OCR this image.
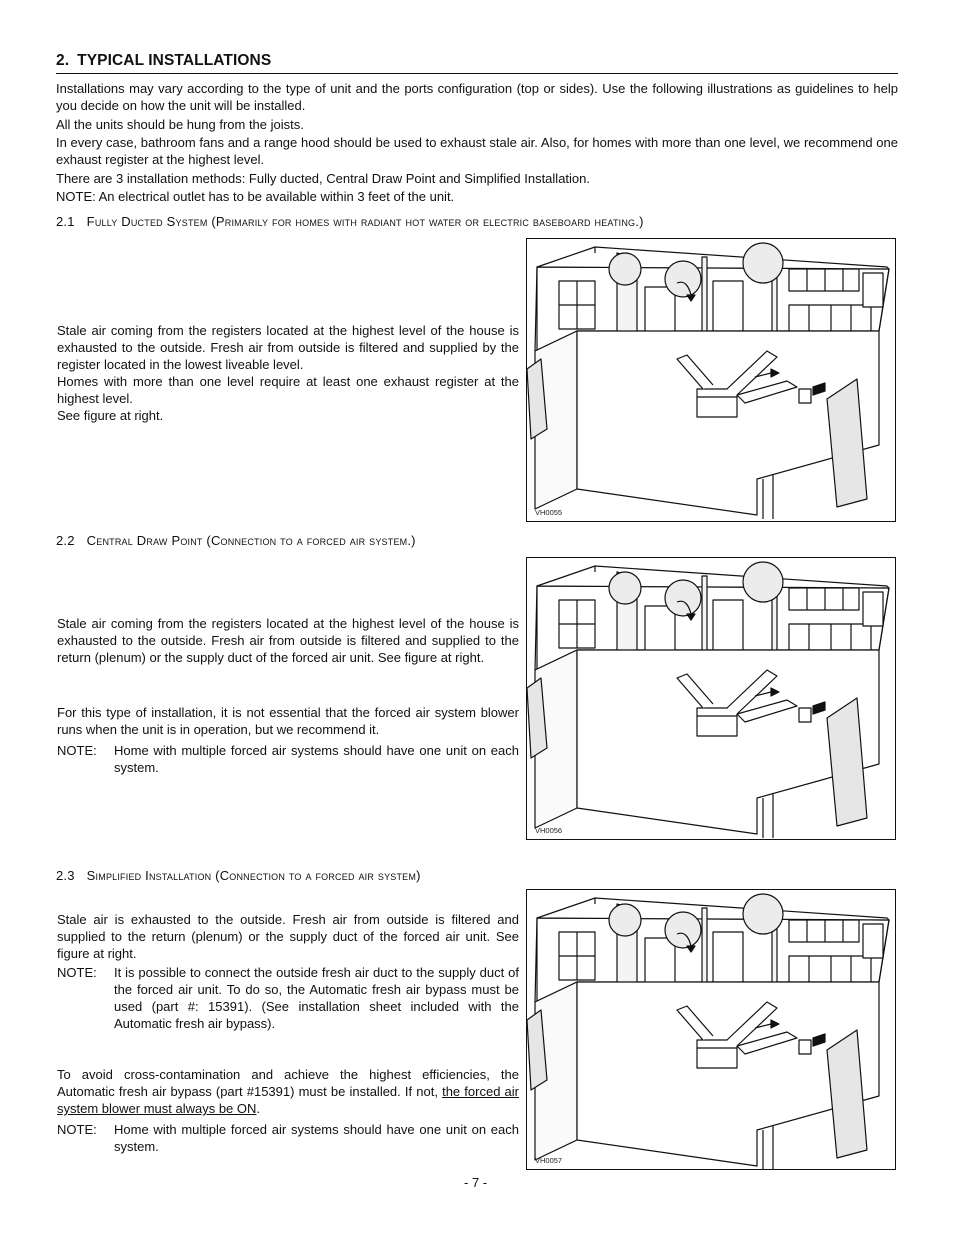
2. TYPICAL INSTALLATIONS

Installations may vary according to the type of unit and the ports configuration (top or sides). Use the following illustrations as guidelines to help you decide on how the unit will be installed.

All the units should be hung from the joists.

In every case, bathroom fans and a range hood should be used to exhaust stale air. Also, for homes with more than one level, we recommend one exhaust register at the highest level.

There are 3 installation methods: Fully ducted, Central Draw Point and Simplified Installation.

NOTE: An electrical outlet has to be available within 3 feet of the unit.

2.1 Fully Ducted System (Primarily for homes with radiant hot water or electric baseboard heating.)

Stale air coming from the registers located at the highest level of the house is exhausted to the outside. Fresh air from outside is filtered and supplied by the register located in the lowest liveable level.

Homes with more than one level require at least one exhaust register at the highest level.

See figure at right.

VH0055
2.2 Central Draw Point (Connection to a forced air system.)

Stale air coming from the registers located at the highest level of the house is exhausted to the outside. Fresh air from outside is filtered and supplied to the return (plenum) or the supply duct of the forced air unit. See figure at right.

For this type of installation, it is not essential that the forced air system blower runs when the unit is in operation, but we recommend it.

NOTE:	Home with multiple forced air systems should have one unit on each system.
VH0056
2.3 Simplified Installation (Connection to a forced air system)

Stale air is exhausted to the outside. Fresh air from outside is filtered and supplied to the return (plenum) or the supply duct of the forced air unit. See figure at right.

NOTE:	It is possible to connect the outside fresh air duct to the supply duct of the forced air unit. To do so, the Automatic fresh air bypass must be used (part #: 15391). (See installation sheet included with the Automatic fresh air bypass).

To avoid cross-contamination and achieve the highest efficiencies, the Automatic fresh air bypass (part #15391) must be installed. If not, the forced air system blower must always be ON.

NOTE:	Home with multiple forced air systems should have one unit on each system.
VH0057
- 7 -
